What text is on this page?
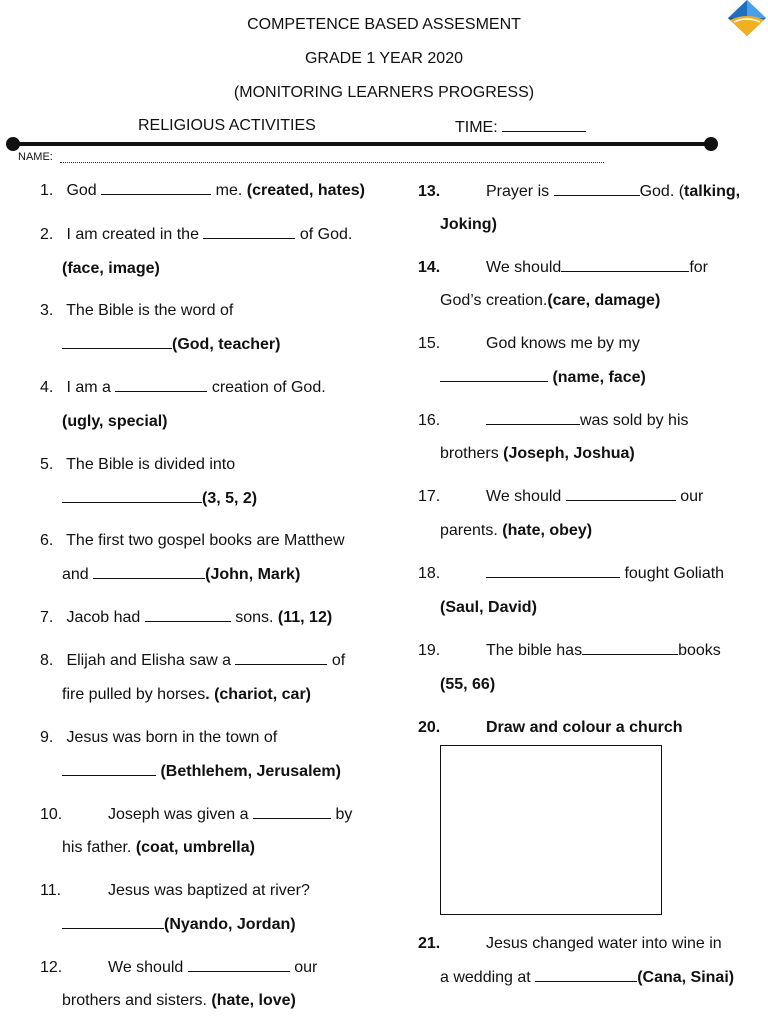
COMPETENCE BASED ASSESMENT
GRADE 1 YEAR 2020
(MONITORING LEARNERS PROGRESS)
RELIGIOUS ACTIVITIES	TIME:
NAME:
1. God	me. (created, hates)
2. I am created in the	of God.
(face, image)
3. The Bible is the word of
(God, teacher)
4. I am a	creation of God.
(ugly, special)
5. The Bible is divided into
(3, 5, 2)
6. The first two gospel books are Matthew
and	(John, Mark)
7. Jacob had	sons. (11, 12)
8. Elijah and Elisha saw a	of
fire pulled by horses. (chariot, car)
9. Jesus was born in the town of
(Bethlehem, Jerusalem)
10.	Joseph was given a	by
his father. (coat, umbrella)
11.	Jesus was baptized at river?
(Nyando, Jordan)
12.	We should	our
brothers and sisters. (hate, love)
13.	Prayer is	God. (talking,
Joking)
14.	We should	for
God’s creation.(care, damage)
15.	God knows me by my
(name, face)
16.	was sold by his
brothers (Joseph, Joshua)
17.	We should	our
parents. (hate, obey)
18.	fought Goliath
(Saul, David)
19.	The bible has	books
(55, 66)
20.	Draw and colour a church
21.	Jesus changed water into wine in
a wedding at	(Cana, Sinai)
